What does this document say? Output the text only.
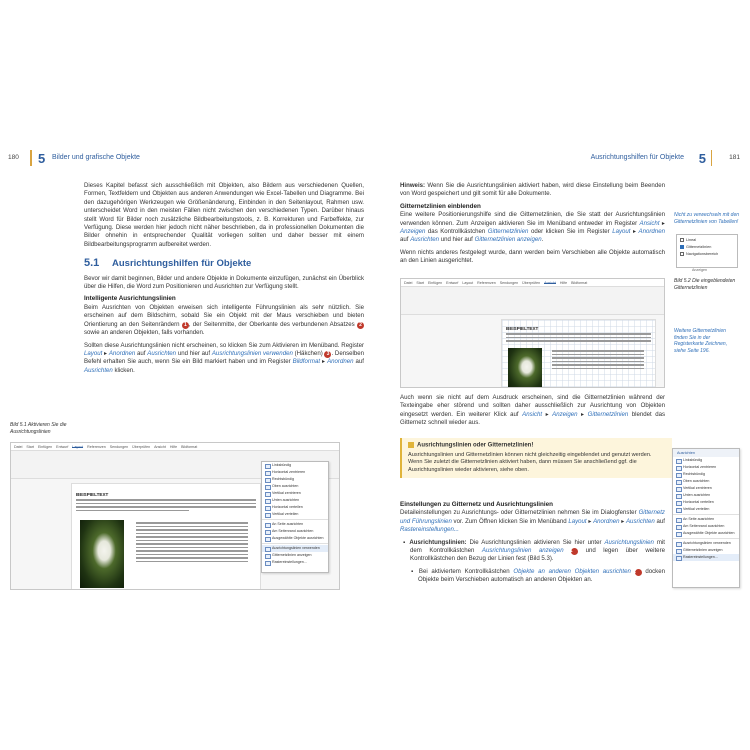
180 5 Bilder und grafische Objekte

Dieses Kapitel befasst sich ausschließlich mit Objekten, also Bildern aus verschiedenen Quellen, Formen, Textfeldern und Objekten aus anderen Anwendungen wie Excel-Tabellen und Diagramme. Bei den dazugehörigen Werkzeugen wie Größenänderung, Einbinden in den Seitenlayout, Rahmen usw. unterscheidet Word in den meisten Fällen nicht zwischen den verschiedenen Typen. Darüber hinaus stellt Word für Bilder noch zusätzliche Bildbearbeitungstools, z. B. Korrekturen und Farbeffekte, zur Verfügung. Diese werden hier jedoch nicht näher beschrieben, da in professionellen Dokumenten die Bilder ohnehin in entsprechender Qualität vorliegen sollten und daher besser mit einem Bildbearbeitungsprogramm aufbereitet werden.

5.1 Ausrichtungshilfen für Objekte

Bevor wir damit beginnen, Bilder und andere Objekte in Dokumente einzufügen, zunächst ein Überblick über die Hilfen, die Word zum Positionieren und Ausrichten zur Verfügung stellt.

Intelligente Ausrichtungslinien

Beim Ausrichten von Objekten erweisen sich intelligente Führungslinien als sehr nützlich. Sie erscheinen auf dem Bildschirm, sobald Sie ein Objekt mit der Maus verschieben und bieten Orientierung an den Seitenrändern 1 , der Seitenmitte, der Oberkante des verbundenen Absatzes 2 sowie an anderen Objekten, falls vorhanden.

Sollten diese Ausrichtungslinien nicht erscheinen, so klicken Sie zum Aktivieren im Menüband. Register Layout ▸ Anordnen auf Ausrichten und hier auf Ausrichtungslinien verwenden (Häkchen) 3 . Denselben Befehl erhalten Sie auch, wenn Sie ein Bild markiert haben und im Register Bildformat ▸ Anordnen auf Ausrichten klicken.

Bild 5.1 Aktivieren Sie die Ausrichtungslinien
Datei Start Einfügen Entwurf Layout Referenzen Sendungen Überprüfen Ansicht Hilfe Bildformat
BEISPIELTEXT
Linksbündig
Horizontal zentrieren
Rechtsbündig
Oben ausrichten
Vertikal zentrieren
Unten ausrichten
Horizontal verteilen
Vertikal verteilen
An Seite ausrichten
Am Seitenrand ausrichten
Ausgewählte Objekte ausrichten
Ausrichtungslinien verwenden
Gitternetzlinien anzeigen
Rastereinstellungen...
Ausrichtungshilfen für Objekte 5	181

Hinweis: Wenn Sie die Ausrichtungslinien aktiviert haben, wird diese Einstellung beim Beenden von Word gespeichert und gilt somit für alle Dokumente.

Gitternetzlinien einblenden

Eine weitere Positionierungshilfe sind die Gitternetzlinien, die Sie statt der Ausrichtungslinien verwenden können. Zum Anzeigen aktivieren Sie im Menüband entweder im Register Ansicht ▸ Anzeigen das Kontrollkästchen Gitternetzlinien oder klicken Sie im Register Layout ▸ Anordnen auf Ausrichten und hier auf Gitternetzlinien anzeigen.

Wenn nichts anderes festgelegt wurde, dann werden beim Verschieben alle Objekte automatisch an den Linien ausgerichtet.

Nicht zu verwechseln mit den Gitternetzlinien von Tabellen!
Lineal
Gitternetzlinien
Navigationsbereich
Anzeigen
Bild 5.2 Die eingeblendeten Gitternetzlinien
Weitere Gitternetzlinien finden Sie in der Registerkarte Zeichnen, siehe Seite 196.
Datei Start Einfügen Entwurf Layout Referenzen Sendungen Überprüfen Ansicht Hilfe Bildformat
BEISPIELTEXT

Auch wenn sie nicht auf dem Ausdruck erscheinen, sind die Gitternetzlinien während der Texteingabe eher störend und sollten daher ausschließlich zur Ausrichtung von Objekten eingesetzt werden. Ein weiterer Klick auf Ansicht ▸ Anzeigen ▸ Gitternetzlinien blendet das Gitternetz schnell wieder aus.

Ausrichtungslinien oder Gitternetzlinien!
Ausrichtungslinien und Gitternetzlinien können nicht gleichzeitig eingeblendet und genutzt werden. Wenn Sie zuletzt die Gitternetzlinien aktiviert haben, dann müssen Sie anschließend ggf. die Ausrichtungslinien wieder aktivieren, siehe oben.
Einstellungen zu Gitternetz und Ausrichtungslinien

Detaileinstellungen zu Ausrichtungs- oder Gitternetzlinien nehmen Sie im Dialogfenster Gitternetz und Führungslinien vor. Zum Öffnen klicken Sie im Menüband Layout ▸ Anordnen ▸ Ausrichten auf Rastereinstellungen...

▪ Ausrichtungslinien: Die Ausrichtungslinien aktivieren Sie hier unter Ausrichtungslinien mit dem Kontrollkästchen Ausrichtungslinien anzeigen 1 und legen über weitere Kontrollkästchen den Bezug der Linien fest (Bild 5.3).

▪ Bei aktiviertem Kontrollkästchen Objekte an anderen Objekten ausrichten 2 docken Objekte beim Verschieben automatisch an anderen Objekten an.

Ausrichten
Linksbündig
Horizontal zentrieren
Rechtsbündig
Oben ausrichten
Vertikal zentrieren
Unten ausrichten
Horizontal verteilen
Vertikal verteilen
An Seite ausrichten
Am Seitenrand ausrichten
Ausgewählte Objekte ausrichten
Ausrichtungslinien verwenden
Gitternetzlinien anzeigen
Rastereinstellungen...
